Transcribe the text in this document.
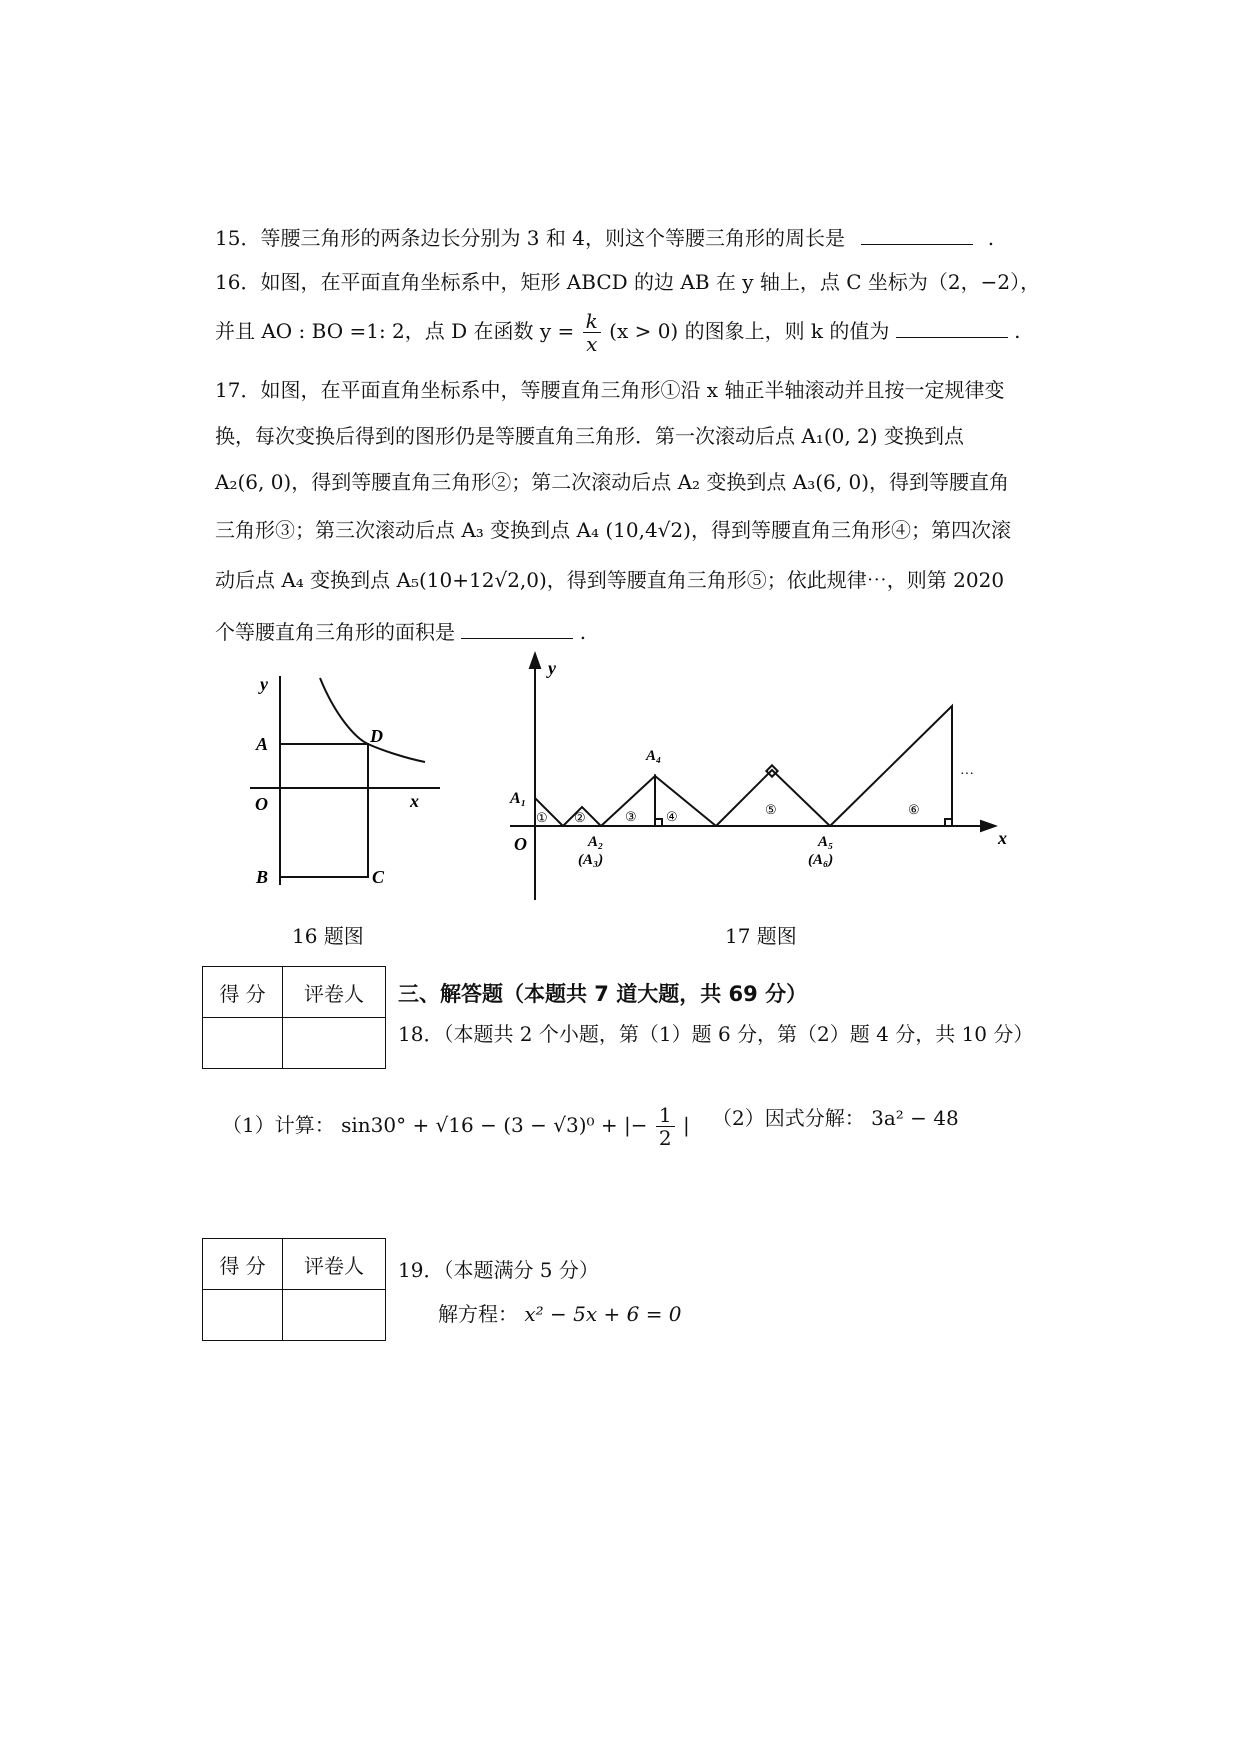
15．等腰三角形的两条边长分别为 3 和 4，则这个等腰三角形的周长是	.
16．如图，在平面直角坐标系中，矩形 ABCD 的边 AB 在 y 轴上，点 C 坐标为（2，−2），
并且 AO : BO =1: 2，点 D 在函数 $y = \frac{k}{x} (x > 0)$ 的图象上，则 k 的值为	.
17．如图，在平面直角坐标系中，等腰直角三角形①沿 x 轴正半轴滚动并且按一定规律变
换，每次变换后得到的图形仍是等腰直角三角形．第一次滚动后点 A₁(0, 2) 变换到点
A₂(6, 0)，得到等腰直角三角形②；第二次滚动后点 A₂ 变换到点 A₃(6, 0)，得到等腰直角
三角形③；第三次滚动后点 A₃ 变换到点 A₄ (10,4√2)，得到等腰直角三角形④；第四次滚
动后点 A₄ 变换到点 A₅(10+12√2,0)，得到等腰直角三角形⑤；依此规律⋯，则第 2020
个等腰直角三角形的面积是	.
y
A	D
O	x
B	C
16 题图
y
x
O
A₁
A₂
(A₃)
A₄
A₅
(A₆)
① ②	③ ④	⑤	⑥
···
17 题图
得 分	评卷人
	三、解答题（本题共 7 道大题，共 69 分）
18．（本题共 2 个小题，第（1）题 6 分，第（2）题 4 分，共 10 分）
（1）计算： sin30° + √16 − (3 − √3)⁰ + |− $\frac{1}{2}$ | （2）因式分解： 3a² − 48
得 分	评卷人
	19．（本题满分 5 分）
解方程： x² − 5x + 6 = 0
